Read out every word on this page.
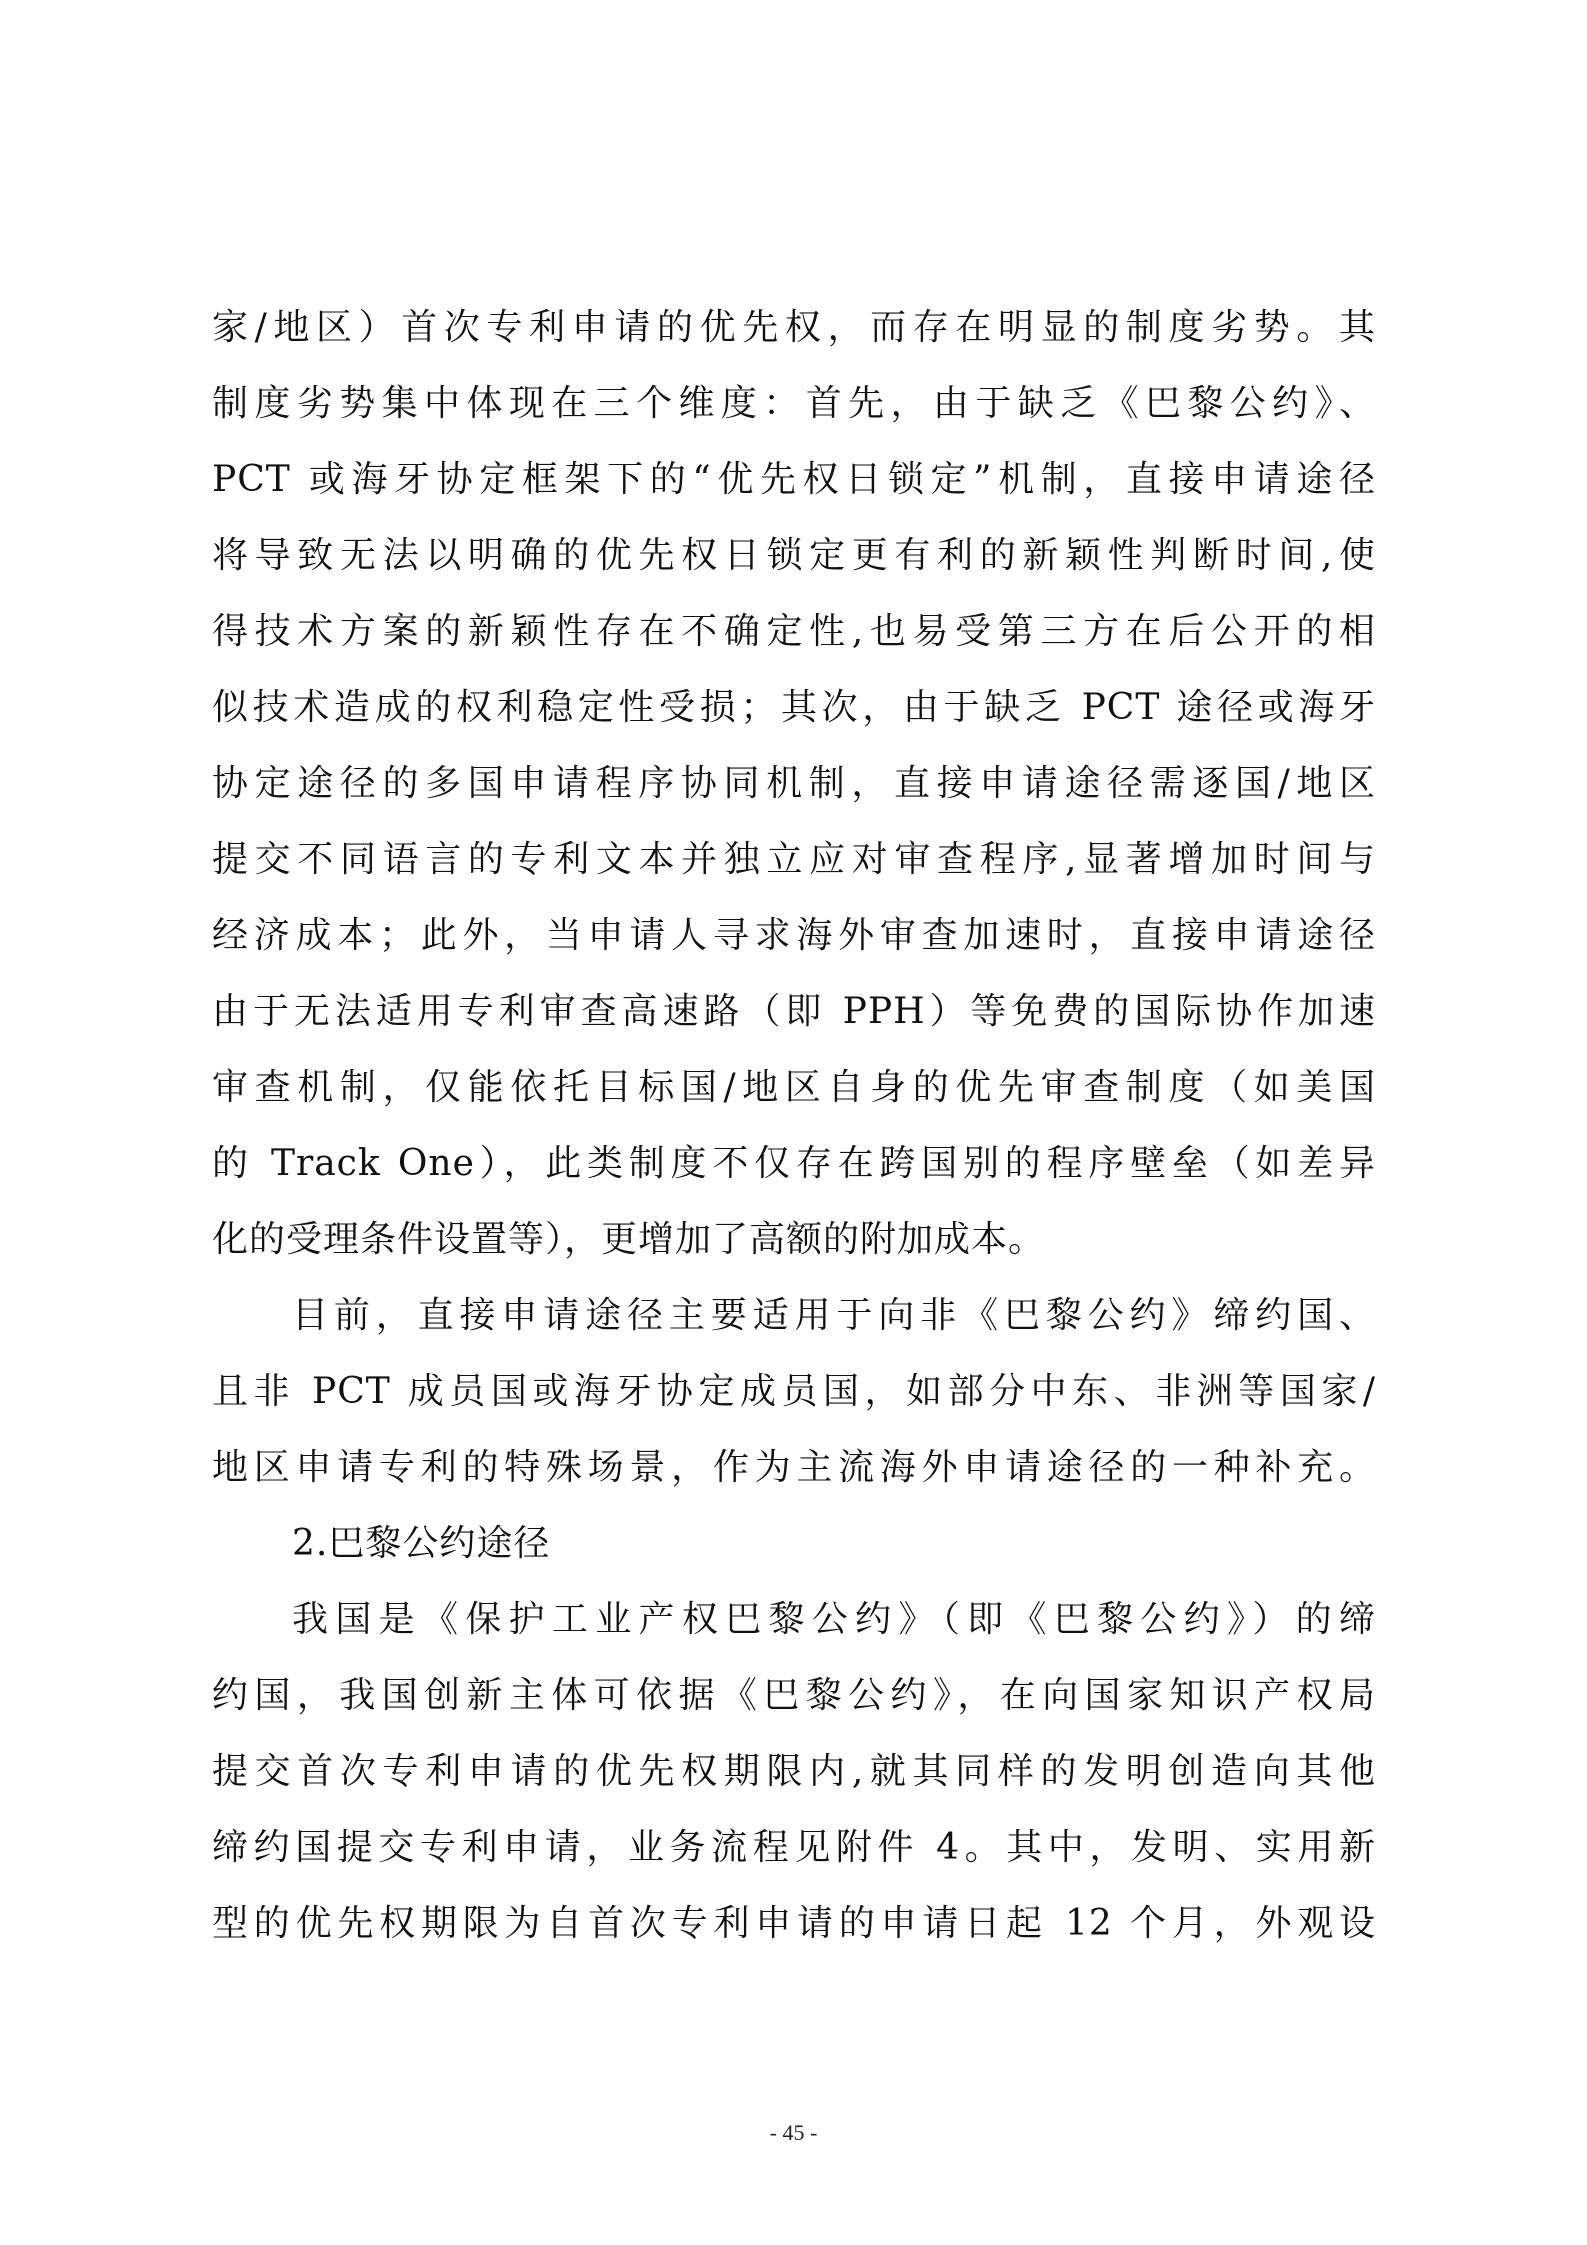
家/地区）首次专利申请的优先权，而存在明显的制度劣势。其
制度劣势集中体现在三个维度：首先，由于缺乏《巴黎公约》、
PCT 或海牙协定框架下的“优先权日锁定”机制，直接申请途径
将导致无法以明确的优先权日锁定更有利的新颖性判断时间,使
得技术方案的新颖性存在不确定性,也易受第三方在后公开的相
似技术造成的权利稳定性受损；其次，由于缺乏 PCT 途径或海牙
协定途径的多国申请程序协同机制，直接申请途径需逐国/地区
提交不同语言的专利文本并独立应对审查程序,显著增加时间与
经济成本；此外，当申请人寻求海外审查加速时，直接申请途径
由于无法适用专利审查高速路（即 PPH）等免费的国际协作加速
审查机制，仅能依托目标国/地区自身的优先审查制度（如美国
的 Track One），此类制度不仅存在跨国别的程序壁垒（如差异
化的受理条件设置等），更增加了高额的附加成本。
目前，直接申请途径主要适用于向非《巴黎公约》缔约国、
且非 PCT 成员国或海牙协定成员国，如部分中东、非洲等国家/
地区申请专利的特殊场景，作为主流海外申请途径的一种补充。
2.巴黎公约途径
我国是《保护工业产权巴黎公约》（即《巴黎公约》）的缔
约国，我国创新主体可依据《巴黎公约》，在向国家知识产权局
提交首次专利申请的优先权期限内,就其同样的发明创造向其他
缔约国提交专利申请，业务流程见附件 4。其中，发明、实用新
型的优先权期限为自首次专利申请的申请日起 12 个月，外观设
- 45 -
